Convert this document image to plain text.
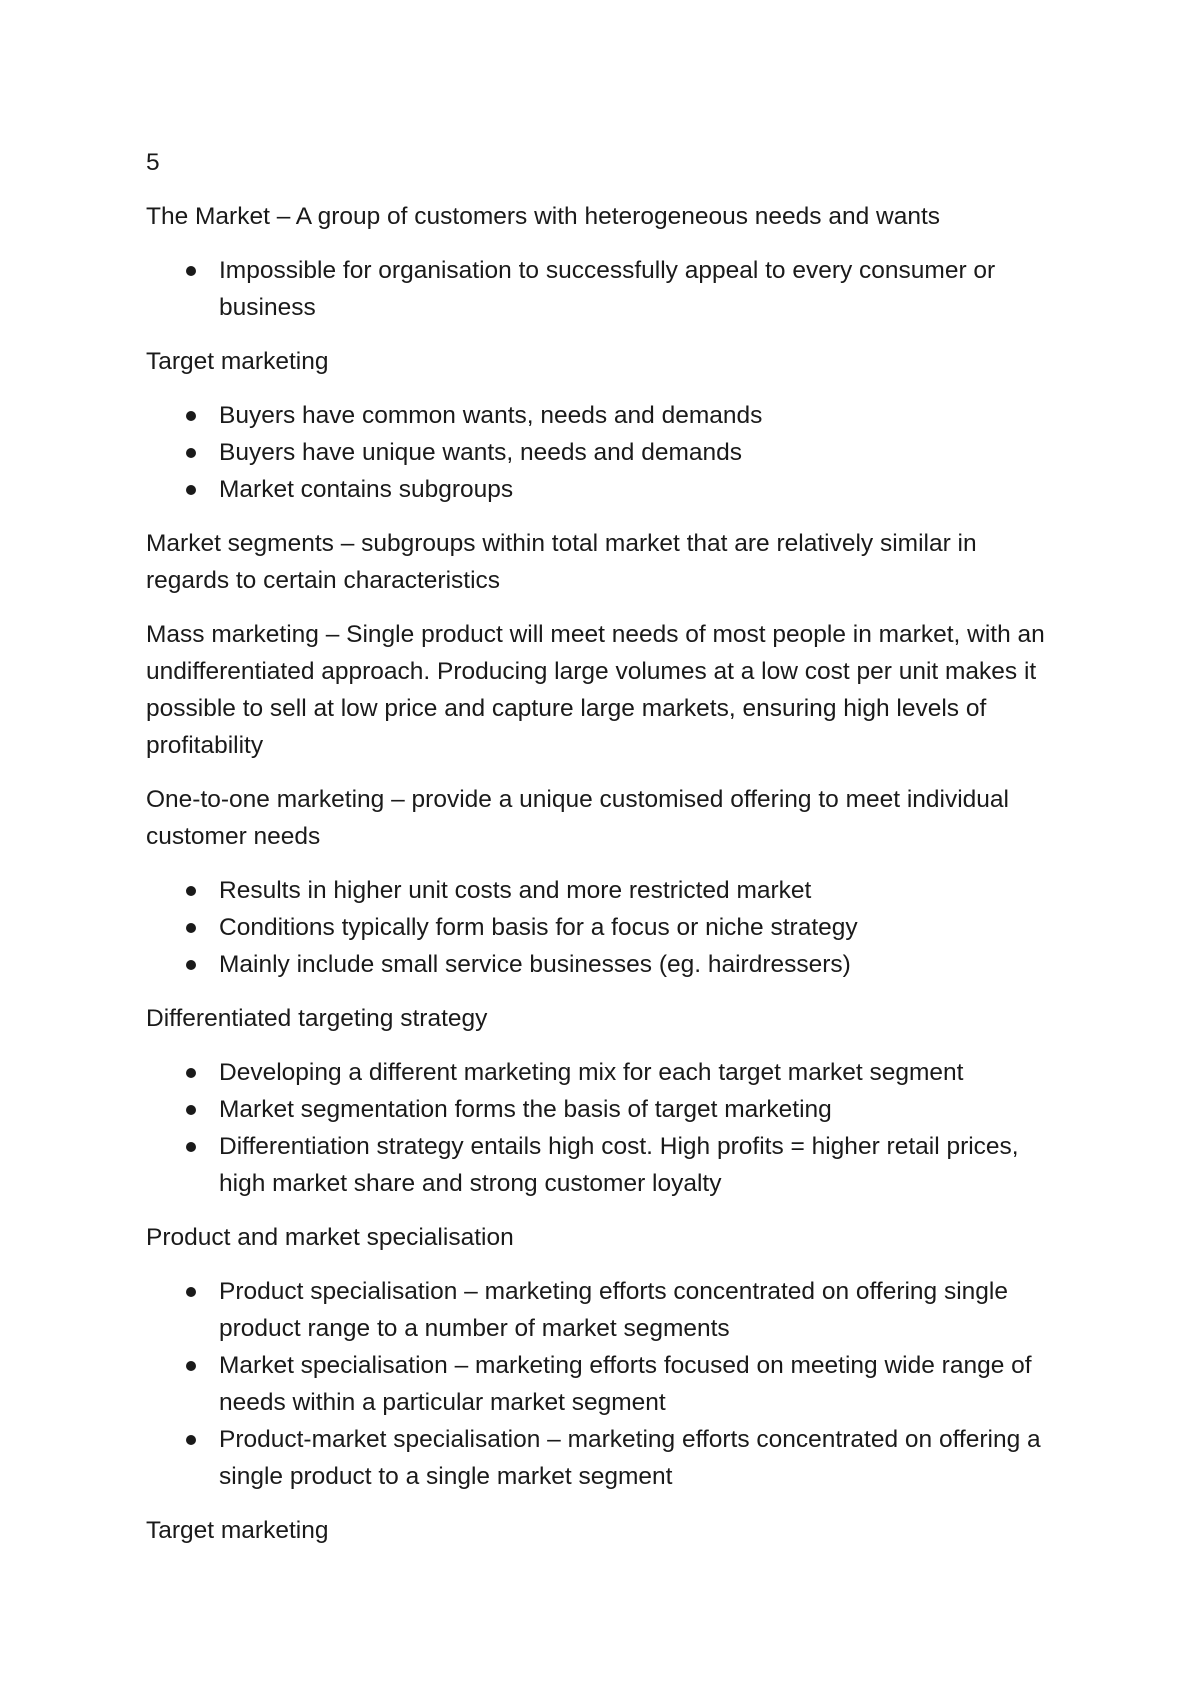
5
The Market – A group of customers with heterogeneous needs and wants
Impossible for organisation to successfully appeal to every consumer or business
Target marketing
Buyers have common wants, needs and demands
Buyers have unique wants, needs and demands
Market contains subgroups
Market segments – subgroups within total market that are relatively similar in regards to certain characteristics
Mass marketing – Single product will meet needs of most people in market, with an undifferentiated approach. Producing large volumes at a low cost per unit makes it possible to sell at low price and capture large markets, ensuring high levels of profitability
One-to-one marketing – provide a unique customised offering to meet individual customer needs
Results in higher unit costs and more restricted market
Conditions typically form basis for a focus or niche strategy
Mainly include small service businesses (eg. hairdressers)
Differentiated targeting strategy
Developing a different marketing mix for each target market segment
Market segmentation forms the basis of target marketing
Differentiation strategy entails high cost. High profits = higher retail prices, high market share and strong customer loyalty
Product and market specialisation
Product specialisation – marketing efforts concentrated on offering single product range to a number of market segments
Market specialisation – marketing efforts focused on meeting wide range of needs within a particular market segment
Product-market specialisation – marketing efforts concentrated on offering a single product to a single market segment
Target marketing
